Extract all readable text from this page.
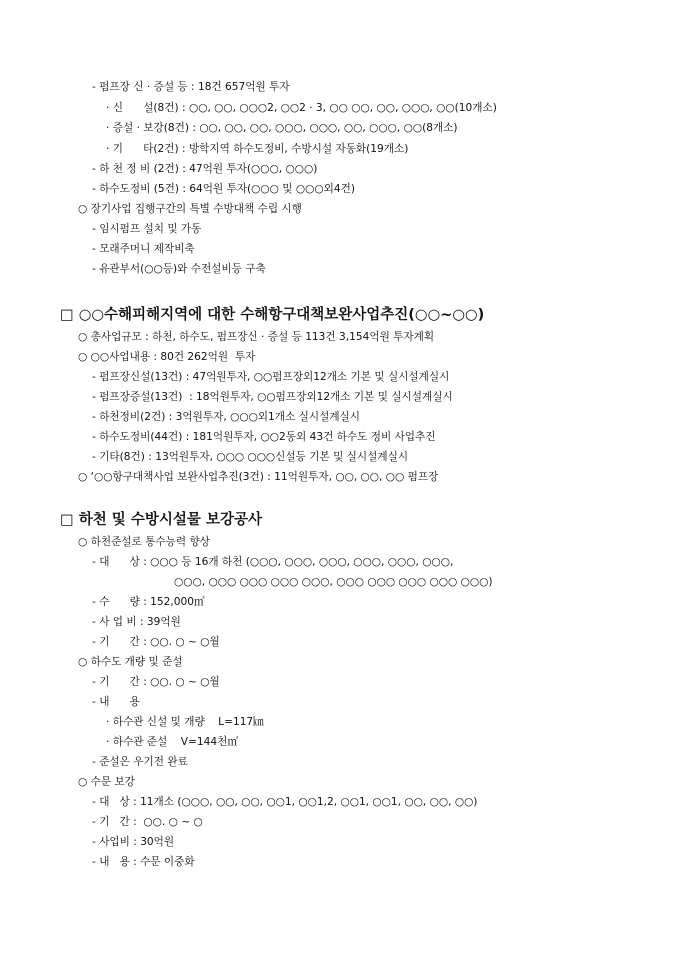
- 펌프장 신 · 증설 등 : 18건 657억원 투자
· 신      설(8건) : ○○, ○○, ○○○2, ○○2 · 3, ○○ ○○, ○○, ○○○, ○○(10개소)
· 증설 · 보강(8건) : ○○, ○○, ○○, ○○○, ○○○, ○○, ○○○, ○○(8개소)
· 기      타(2건) : 방학지역 하수도정비, 수방시설 자동화(19개소)
- 하 천 정 비 (2건) : 47억원 투자(○○○, ○○○)
- 하수도정비 (5건) : 64억원 투자(○○○ 및 ○○○외4건)
○ 장기사업 집행구간의 특별 수방대책 수립 시행
- 임시펌프 설치 및 가동
- 모래주머니 제작비축
- 유관부서(○○등)와 수전설비등 구축
□ ○○수해피해지역에 대한 수해항구대책보완사업추진(○○~○○)
○ 총사업규모 : 하천, 하수도, 펌프장신 · 증설 등 113건 3,154억원 투자계획
○ ○○사업내용 : 80건 262억원  투자
- 펌프장신설(13건) : 47억원투자, ○○펌프장외12개소 기본 및 실시설계실시
- 펌프장증설(13건)  : 18억원투자, ○○펌프장외12개소 기본 및 실시설계실시
- 하천정비(2건) : 3억원투자, ○○○외1개소 실시설계실시
- 하수도정비(44건) : 181억원투자, ○○2동외 43건 하수도 정비 사업추진
- 기타(8건) : 13억원투자, ○○○ ○○○신설등 기본 및 실시설계실시
○ ‘○○항구대책사업 보완사업추진(3건) : 11억원투자, ○○, ○○, ○○ 펌프장
□ 하천 및 수방시설물 보강공사
○ 하천준설로 통수능력 향상
- 대      상 : ○○○ 등 16개 하천 (○○○, ○○○, ○○○, ○○○, ○○○, ○○○,
○○○, ○○○ ○○○ ○○○ ○○○, ○○○ ○○○ ○○○ ○○○ ○○○)
- 수      량 : 152,000㎥
- 사 업 비 : 39억원
- 기      간 : ○○. ○ ~ ○월
○ 하수도 개량 및 준설
- 기      간 : ○○. ○ ~ ○월
- 내      용
· 하수관 신설 및 개량    L=117㎞
· 하수관 준설    V=144천㎥
- 준설은 우기전 완료
○ 수문 보강
- 대   상 : 11개소 (○○○, ○○, ○○, ○○1, ○○1,2, ○○1, ○○1, ○○, ○○, ○○)
- 기   간 :  ○○. ○ ~ ○
- 사업비 : 30억원
- 내   용 : 수문 이중화
